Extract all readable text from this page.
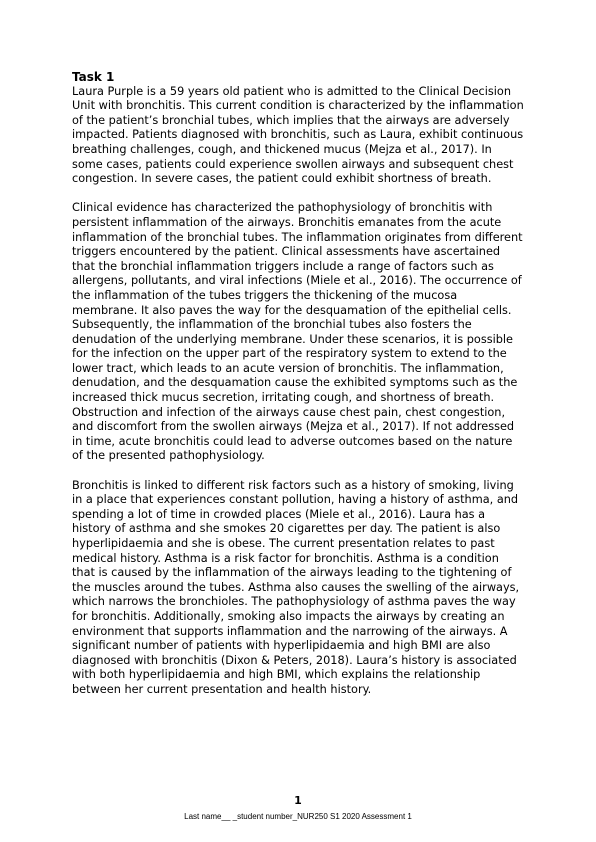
Task 1

Laura Purple is a 59 years old patient who is admitted to the Clinical Decision Unit with bronchitis. This current condition is characterized by the inflammation of the patient’s bronchial tubes, which implies that the airways are adversely impacted. Patients diagnosed with bronchitis, such as Laura, exhibit continuous breathing challenges, cough, and thickened mucus (Mejza et al., 2017). In some cases, patients could experience swollen airways and subsequent chest congestion. In severe cases, the patient could exhibit shortness of breath.

Clinical evidence has characterized the pathophysiology of bronchitis with persistent inflammation of the airways. Bronchitis emanates from the acute inflammation of the bronchial tubes. The inflammation originates from different triggers encountered by the patient. Clinical assessments have ascertained that the bronchial inflammation triggers include a range of factors such as allergens, pollutants, and viral infections (Miele et al., 2016). The occurrence of the inflammation of the tubes triggers the thickening of the mucosa membrane. It also paves the way for the desquamation of the epithelial cells. Subsequently, the inflammation of the bronchial tubes also fosters the denudation of the underlying membrane. Under these scenarios, it is possible for the infection on the upper part of the respiratory system to extend to the lower tract, which leads to an acute version of bronchitis. The inflammation, denudation, and the desquamation cause the exhibited symptoms such as the increased thick mucus secretion, irritating cough, and shortness of breath. Obstruction and infection of the airways cause chest pain, chest congestion, and discomfort from the swollen airways (Mejza et al., 2017). If not addressed in time, acute bronchitis could lead to adverse outcomes based on the nature of the presented pathophysiology.

Bronchitis is linked to different risk factors such as a history of smoking, living in a place that experiences constant pollution, having a history of asthma, and spending a lot of time in crowded places (Miele et al., 2016). Laura has a history of asthma and she smokes 20 cigarettes per day. The patient is also hyperlipidaemia and she is obese. The current presentation relates to past medical history. Asthma is a risk factor for bronchitis. Asthma is a condition that is caused by the inflammation of the airways leading to the tightening of the muscles around the tubes. Asthma also causes the swelling of the airways, which narrows the bronchioles. The pathophysiology of asthma paves the way for bronchitis. Additionally, smoking also impacts the airways by creating an environment that supports inflammation and the narrowing of the airways. A significant number of patients with hyperlipidaemia and high BMI are also diagnosed with bronchitis (Dixon & Peters, 2018). Laura’s history is associated with both hyperlipidaemia and high BMI, which explains the relationship between her current presentation and health history.

1
Last name__ _student number_NUR250 S1 2020 Assessment 1
